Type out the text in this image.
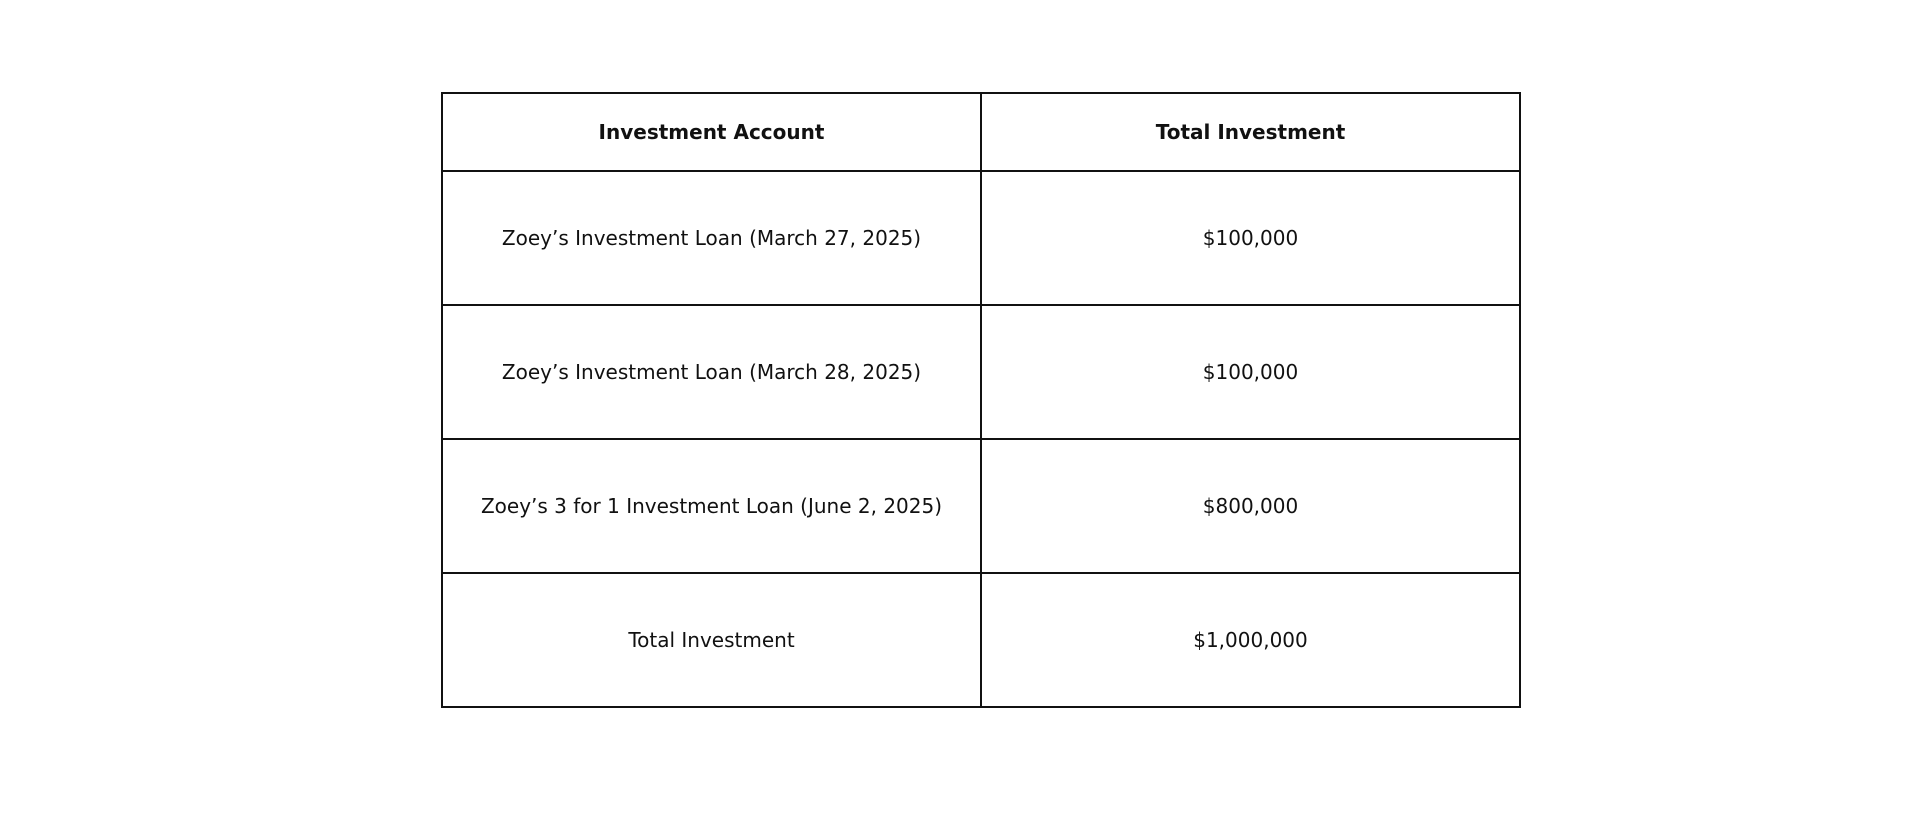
Investment Account	Total Investment
Zoey’s Investment Loan (March 27, 2025)	$100,000
Zoey’s Investment Loan (March 28, 2025)	$100,000
Zoey’s 3 for 1 Investment Loan (June 2, 2025)	$800,000
Total Investment	$1,000,000
